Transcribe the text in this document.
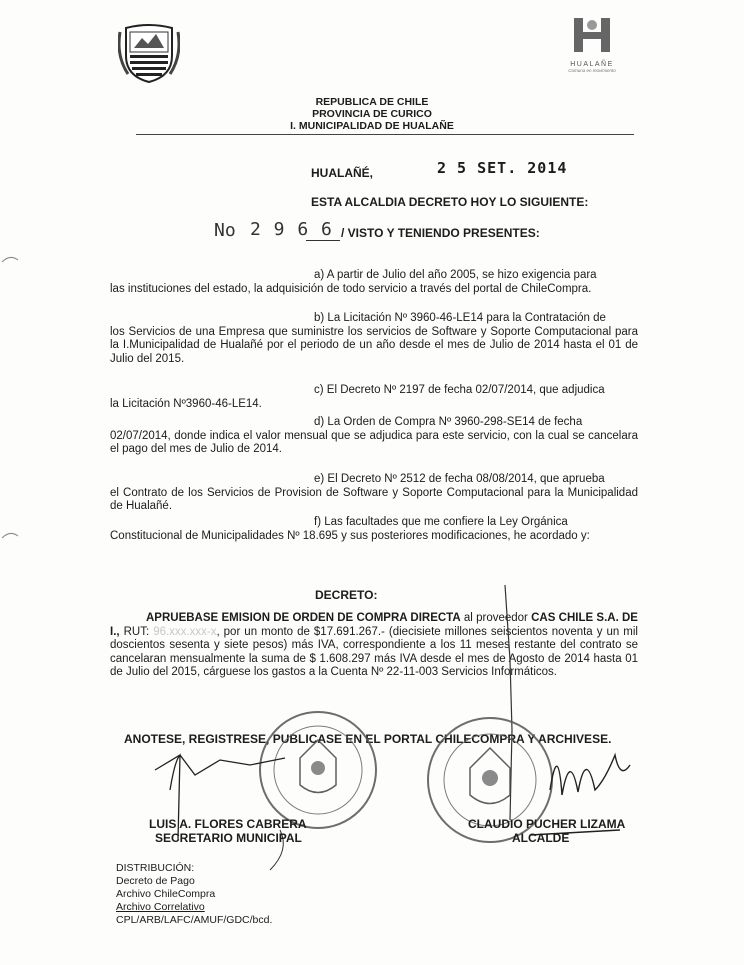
HUALAÑE
Comuna en movimiento
REPUBLICA DE CHILE
PROVINCIA DE CURICO
I. MUNICIPALIDAD DE HUALAÑE
HUALAÑÉ,	2 5 SET. 2014
ESTA ALCALDIA DECRETO HOY LO SIGUIENTE:
No 2 9 6 6 / VISTO Y TENIENDO PRESENTES:
a) A partir de Julio del año 2005, se hizo exigencia para
las instituciones del estado, la adquisición de todo servicio a través del portal de ChileCompra.
b) La Licitación Nº 3960-46-LE14 para la Contratación de
los Servicios de una Empresa que suministre los servicios de Software y Soporte Computacional para la I.Municipalidad de Hualañé por el periodo de un año desde el mes de Julio de 2014 hasta el 01 de Julio del 2015.
c) El Decreto Nº 2197 de fecha 02/07/2014, que adjudica
la Licitación Nº3960-46-LE14.
d) La Orden de Compra Nº 3960-298-SE14 de fecha
02/07/2014, donde indica el valor mensual que se adjudica para este servicio, con la cual se cancelara el pago del mes de Julio de 2014.
e) El Decreto Nº 2512 de fecha 08/08/2014, que aprueba
el Contrato de los Servicios de Provision de Software y Soporte Computacional para la Municipalidad de Hualañé.
f) Las facultades que me confiere la Ley Orgánica
Constitucional de Municipalidades Nº 18.695 y sus posteriores modificaciones, he acordado y:
DECRETO:
APRUEBASE EMISION DE ORDEN DE COMPRA DIRECTA al proveedor CAS CHILE S.A. DE I., RUT: 96.xxx.xxx-x, por un monto de $17.691.267.- (diecisiete millones seiscientos noventa y un mil doscientos sesenta y siete pesos) más IVA, correspondiente a los 11 meses restante del contrato se cancelaran mensualmente la suma de $ 1.608.297 más IVA desde el mes de Agosto de 2014 hasta 01 de Julio del 2015, cárguese los gastos a la Cuenta Nº 22-11-003 Servicios Informáticos.
ANOTESE, REGISTRESE, PUBLICASE EN EL PORTAL CHILECOMPRA Y ARCHIVESE.
LUIS A. FLORES CABRERA
SECRETARIO MUNICIPAL
CLAUDIO PUCHER LIZAMA
ALCALDE
DISTRIBUCIÓN:
Decreto de Pago
Archivo ChileCompra
Archivo Correlativo
CPL/ARB/LAFC/AMUF/GDC/bcd.
